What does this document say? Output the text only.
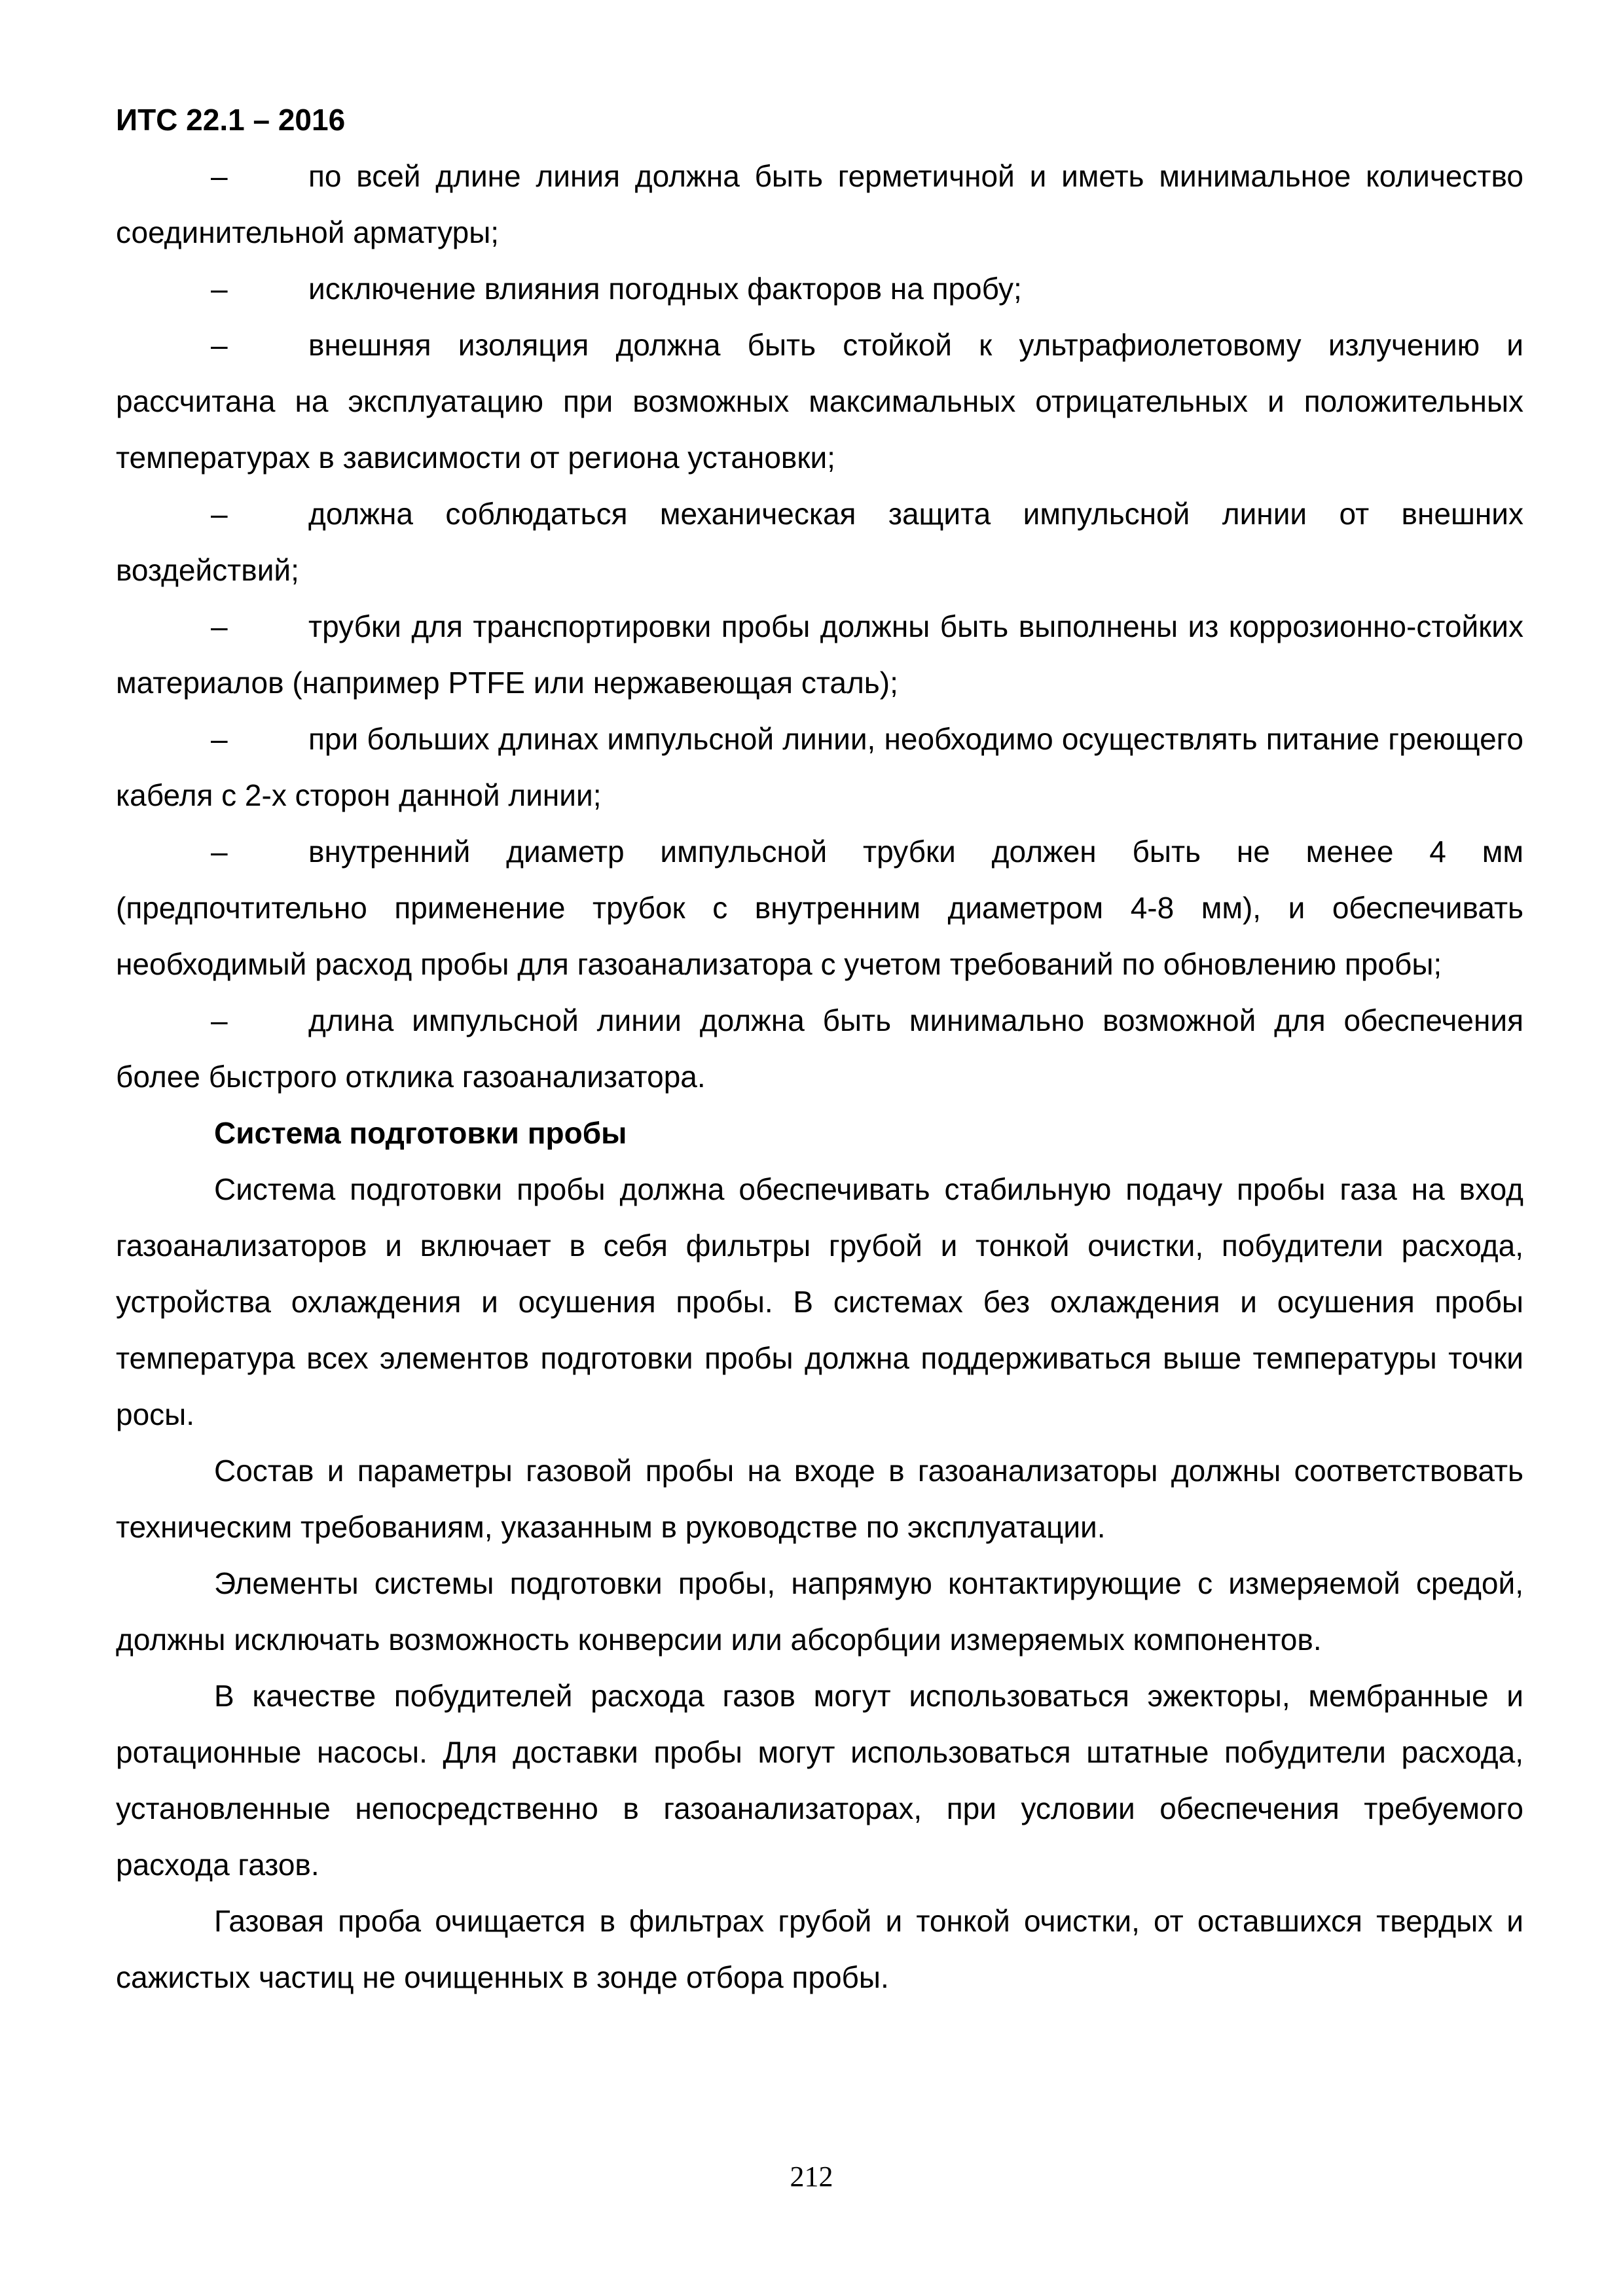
ИТС 22.1 – 2016

–	по всей длине линия должна быть герметичной и иметь минимальное количество соединительной арматуры;

–	исключение влияния погодных факторов на пробу;

–	внешняя изоляция должна быть стойкой к ультрафиолетовому излучению и рассчитана на эксплуатацию при возможных максимальных отрицательных и положительных температурах в зависимости от региона установки;

–	должна соблюдаться механическая защита импульсной линии от внешних воздействий;

–	трубки для транспортировки пробы должны быть выполнены из коррозионно-стойких материалов (например PTFE или нержавеющая сталь);

–	при больших длинах импульсной линии, необходимо осуществлять питание греющего кабеля с 2-х сторон данной линии;

–	внутренний диаметр импульсной трубки должен быть не менее 4 мм (предпочтительно применение трубок с внутренним диаметром 4-8 мм), и обеспечивать необходимый расход пробы для газоанализатора с учетом требований по обновлению пробы;

–	длина импульсной линии должна быть минимально возможной для обеспечения более быстрого отклика газоанализатора.

Система подготовки пробы

Система подготовки пробы должна обеспечивать стабильную подачу пробы газа на вход газоанализаторов и включает в себя фильтры грубой и тонкой очистки, побудители расхода, устройства охлаждения и осушения пробы. В системах без охлаждения и осушения пробы температура всех элементов подготовки пробы должна поддерживаться выше температуры точки росы.

Состав и параметры газовой пробы на входе в газоанализаторы должны соответствовать техническим требованиям, указанным в руководстве по эксплуатации.

Элементы системы подготовки пробы, напрямую контактирующие с измеряемой средой, должны исключать возможность конверсии или абсорбции измеряемых компонентов.

В качестве побудителей расхода газов могут использоваться эжекторы, мембранные и ротационные насосы. Для доставки пробы могут использоваться штатные побудители расхода, установленные непосредственно в газоанализаторах, при условии обеспечения требуемого расхода газов.

Газовая проба очищается в фильтрах грубой и тонкой очистки, от оставшихся твердых и сажистых частиц не очищенных в зонде отбора пробы.

212
